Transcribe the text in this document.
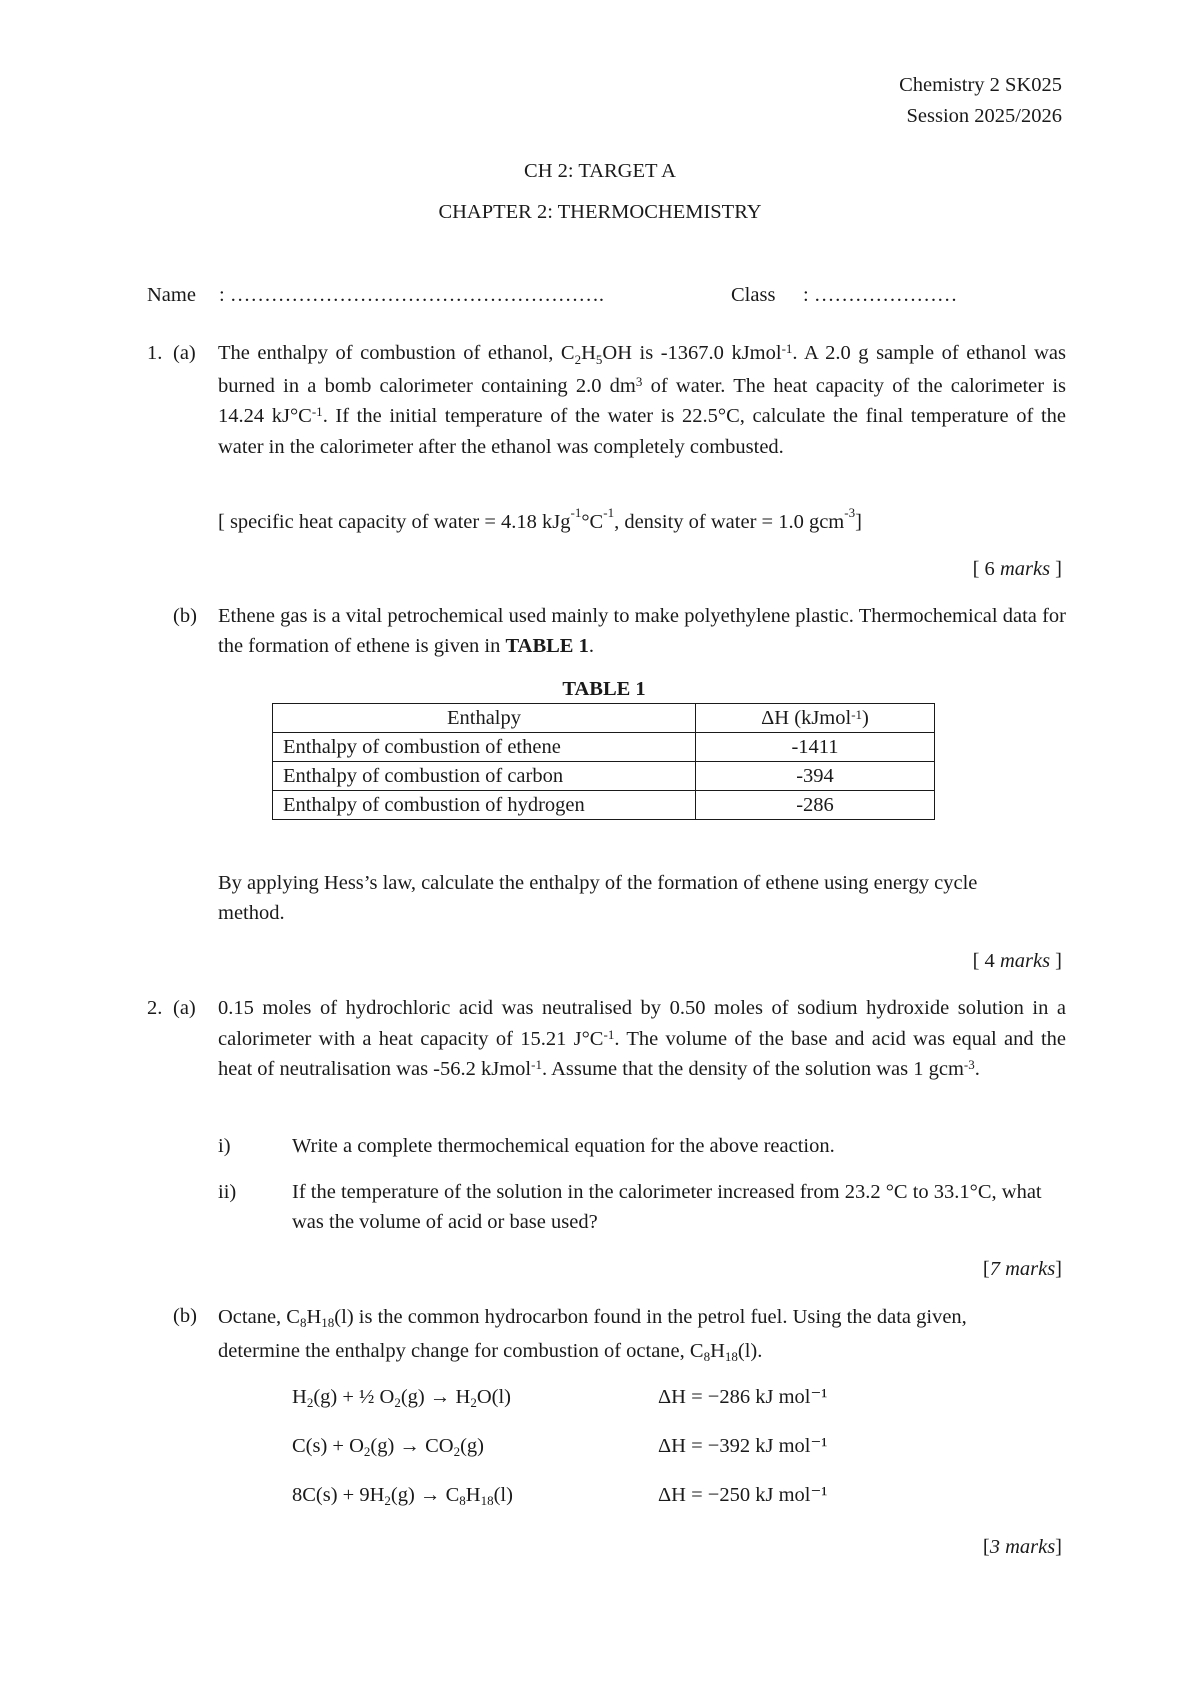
Chemistry 2 SK025
Session 2025/2026
CH 2: TARGET A
CHAPTER 2: THERMOCHEMISTRY
Name : ……………………………………………….	Class : …………………
1. (a) The enthalpy of combustion of ethanol, $C_2H_5OH$ is -1367.0 kJmol$^{-1}$. A 2.0 g sample of ethanol was burned in a bomb calorimeter containing 2.0 $dm^3$ of water. The heat capacity of the calorimeter is 14.24 $kJ^\circ C^{-1}$. If the initial temperature of the water is 22.5°C, calculate the final temperature of the water in the calorimeter after the ethanol was completely combusted.
[ specific heat capacity of water = 4.18 $kJg^{-1}^\circ C^{-1}$, density of water = 1.0 gcm$^{-3}$]
[ 6 marks ]
(b) Ethene gas is a vital petrochemical used mainly to make polyethylene plastic. Thermochemical data for the formation of ethene is given in TABLE 1.
TABLE 1
Enthalpy	ΔH (kJmol$^{-1}$)
Enthalpy of combustion of ethene	-1411
Enthalpy of combustion of carbon	-394
Enthalpy of combustion of hydrogen	-286
By applying Hess’s law, calculate the enthalpy of the formation of ethene using energy cycle method.
[ 4 marks ]
2. (a) 0.15 moles of hydrochloric acid was neutralised by 0.50 moles of sodium hydroxide solution in a calorimeter with a heat capacity of 15.21 $J^\circ C^{-1}$. The volume of the base and acid was equal and the heat of neutralisation was -56.2 kJmol$^{-1}$. Assume that the density of the solution was 1 gcm$^{-3}$.
i)	Write a complete thermochemical equation for the above reaction.
ii)	If the temperature of the solution in the calorimeter increased from 23.2 °C to 33.1°C, what was the volume of acid or base used?
[7 marks]
(b) Octane, C8H18(l) is the common hydrocarbon found in the petrol fuel. Using the data given, determine the enthalpy change for combustion of octane, C8H18(l).
H2(g) + ½ O2(g) → H2O(l)	ΔH = −286 kJ mol⁻¹
C(s) + O2(g) → CO2(g)	ΔH = −392 kJ mol⁻¹
8C(s) + 9H2(g) → C8H18(l)	ΔH = −250 kJ mol⁻¹
[3 marks]
